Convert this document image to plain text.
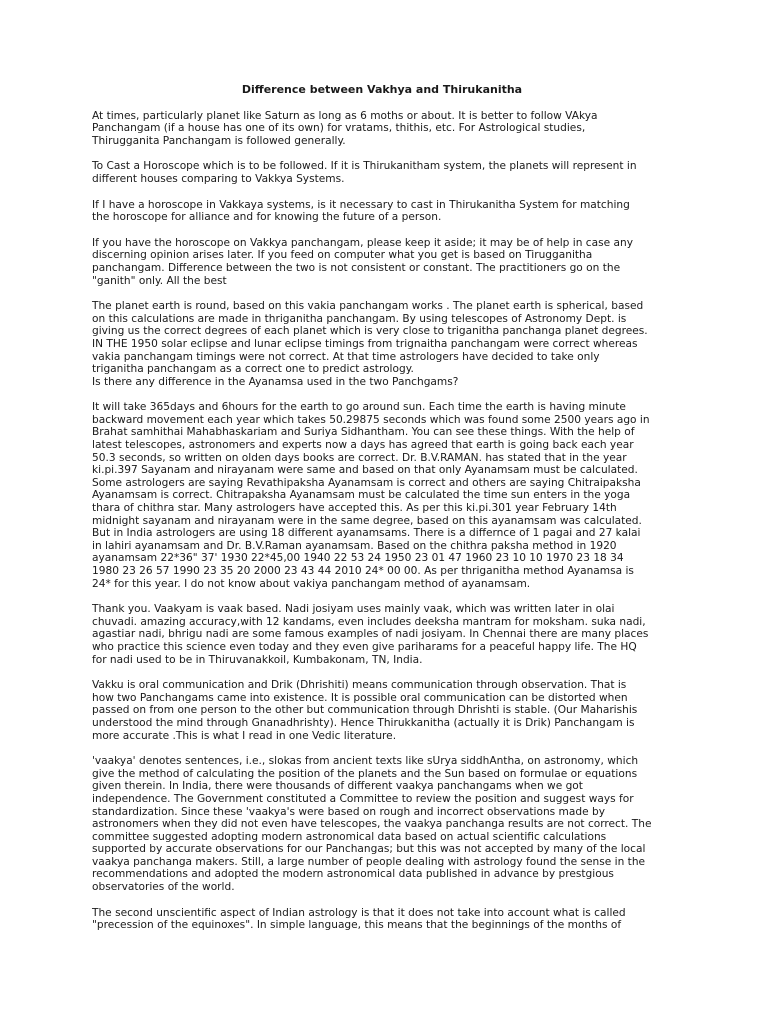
Difference between Vakhya and Thirukanitha
At times, particularly planet like Saturn as long as 6 moths or about. It is better to follow VAkya
Panchangam (if a house has one of its own) for vratams, thithis, etc. For Astrological studies,
Thirugganita Panchangam is followed generally.
To Cast a Horoscope which is to be followed. If it is Thirukanitham system, the planets will represent in
different houses comparing to Vakkya Systems.
If I have a horoscope in Vakkaya systems, is it necessary to cast in Thirukanitha System for matching
the horoscope for alliance and for knowing the future of a person.
If you have the horoscope on Vakkya panchangam, please keep it aside; it may be of help in case any
discerning opinion arises later. If you feed on computer what you get is based on Tirugganitha
panchangam. Difference between the two is not consistent or constant. The practitioners go on the
"ganith" only. All the best
The planet earth is round, based on this vakia panchangam works . The planet earth is spherical, based
on this calculations are made in thriganitha panchangam. By using telescopes of Astronomy Dept. is
giving us the correct degrees of each planet which is very close to triganitha panchanga planet degrees.
IN THE 1950 solar eclipse and lunar eclipse timings from trignaitha panchangam were correct whereas
vakia panchangam timings were not correct. At that time astrologers have decided to take only
triganitha panchangam as a correct one to predict astrology.
Is there any difference in the Ayanamsa used in the two Panchgams?
It will take 365days and 6hours for the earth to go around sun. Each time the earth is having minute
backward movement each year which takes 50.29875 seconds which was found some 2500 years ago in
Brahat samhithai Mahabhaskariam and Suriya Sidhantham. You can see these things. With the help of
latest telescopes, astronomers and experts now a days has agreed that earth is going back each year
50.3 seconds, so written on olden days books are correct. Dr. B.V.RAMAN. has stated that in the year
ki.pi.397 Sayanam and nirayanam were same and based on that only Ayanamsam must be calculated.
Some astrologers are saying Revathipaksha Ayanamsam is correct and others are saying Chitraipaksha
Ayanamsam is correct. Chitrapaksha Ayanamsam must be calculated the time sun enters in the yoga
thara of chithra star. Many astrologers have accepted this. As per this ki.pi.301 year February 14th
midnight sayanam and nirayanam were in the same degree, based on this ayanamsam was calculated.
But in India astrologers are using 18 different ayanamsams. There is a differnce of 1 pagai and 27 kalai
in lahiri ayanamsam and Dr. B.V.Raman ayanamsam. Based on the chithra paksha method in 1920
ayanamsam 22*36" 37' 1930 22*45,00 1940 22 53 24 1950 23 01 47 1960 23 10 10 1970 23 18 34
1980 23 26 57 1990 23 35 20 2000 23 43 44 2010 24* 00 00. As per thriganitha method Ayanamsa is
24* for this year. I do not know about vakiya panchangam method of ayanamsam.
Thank you. Vaakyam is vaak based. Nadi josiyam uses mainly vaak, which was written later in olai
chuvadi. amazing accuracy,with 12 kandams, even includes deeksha mantram for moksham. suka nadi,
agastiar nadi, bhrigu nadi are some famous examples of nadi josiyam. In Chennai there are many places
who practice this science even today and they even give pariharams for a peaceful happy life. The HQ
for nadi used to be in Thiruvanakkoil, Kumbakonam, TN, India.
Vakku is oral communication and Drik (Dhrishiti) means communication through observation. That is
how two Panchangams came into existence. It is possible oral communication can be distorted when
passed on from one person to the other but communication through Dhrishti is stable. (Our Maharishis
understood the mind through Gnanadhrishty). Hence Thirukkanitha (actually it is Drik) Panchangam is
more accurate .This is what I read in one Vedic literature.
'vaakya' denotes sentences, i.e., slokas from ancient texts like sUrya siddhAntha, on astronomy, which
give the method of calculating the position of the planets and the Sun based on formulae or equations
given therein. In India, there were thousands of different vaakya panchangams when we got
independence. The Government constituted a Committee to review the position and suggest ways for
standardization. Since these 'vaakya's were based on rough and incorrect observations made by
astronomers when they did not even have telescopes, the vaakya panchanga results are not correct. The
committee suggested adopting modern astronomical data based on actual scientific calculations
supported by accurate observations for our Panchangas; but this was not accepted by many of the local
vaakya panchanga makers. Still, a large number of people dealing with astrology found the sense in the
recommendations and adopted the modern astronomical data published in advance by prestgious
observatories of the world.
The second unscientific aspect of Indian astrology is that it does not take into account what is called
"precession of the equinoxes". In simple language, this means that the beginnings of the months of
